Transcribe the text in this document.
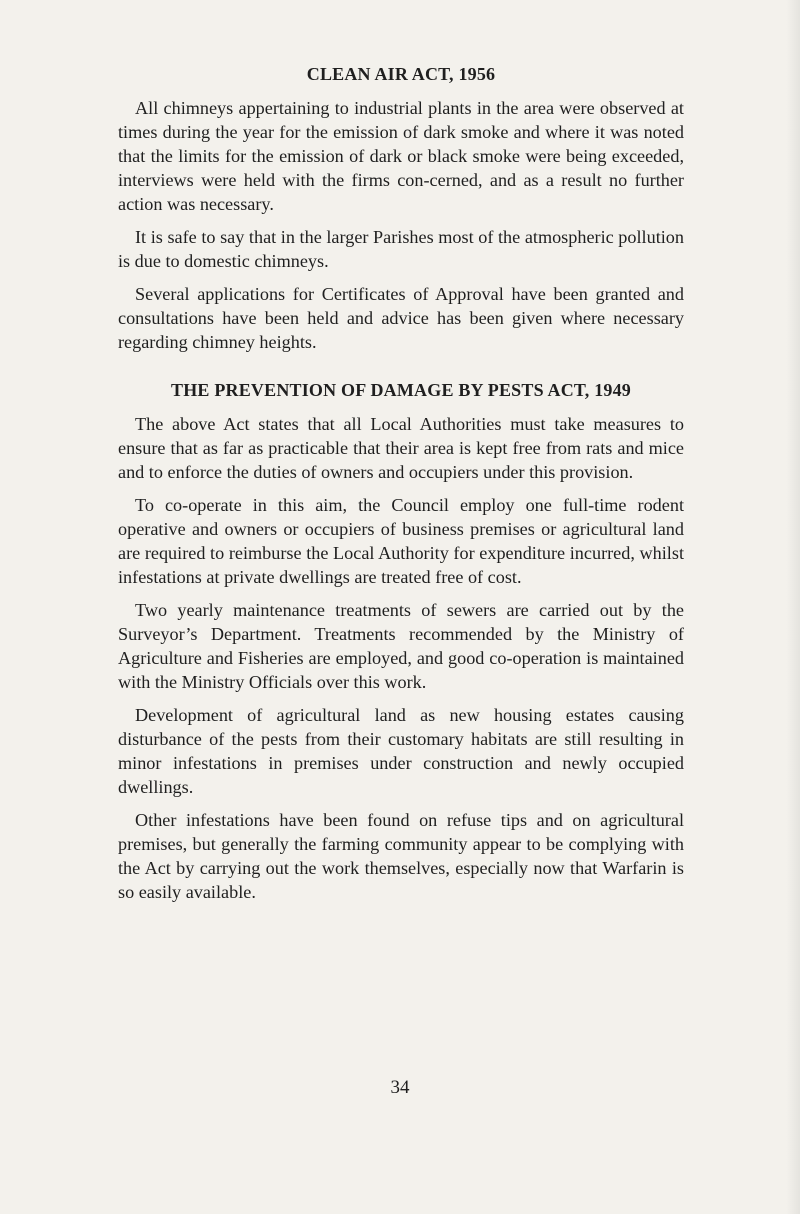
CLEAN AIR ACT, 1956

All chimneys appertaining to industrial plants in the area were observed at times during the year for the emission of dark smoke and where it was noted that the limits for the emission of dark or black smoke were being exceeded, interviews were held with the firms con-cerned, and as a result no further action was necessary.

It is safe to say that in the larger Parishes most of the atmospheric pollution is due to domestic chimneys.

Several applications for Certificates of Approval have been granted and consultations have been held and advice has been given where necessary regarding chimney heights.

THE PREVENTION OF DAMAGE BY PESTS ACT, 1949

The above Act states that all Local Authorities must take measures to ensure that as far as practicable that their area is kept free from rats and mice and to enforce the duties of owners and occupiers under this provision.

To co-operate in this aim, the Council employ one full-time rodent operative and owners or occupiers of business premises or agricultural land are required to reimburse the Local Authority for expenditure incurred, whilst infestations at private dwellings are treated free of cost.

Two yearly maintenance treatments of sewers are carried out by the Surveyor’s Department. Treatments recommended by the Ministry of Agriculture and Fisheries are employed, and good co-operation is maintained with the Ministry Officials over this work.

Development of agricultural land as new housing estates causing disturbance of the pests from their customary habitats are still resulting in minor infestations in premises under construction and newly occupied dwellings.

Other infestations have been found on refuse tips and on agricultural premises, but generally the farming community appear to be complying with the Act by carrying out the work themselves, especially now that Warfarin is so easily available.

34
